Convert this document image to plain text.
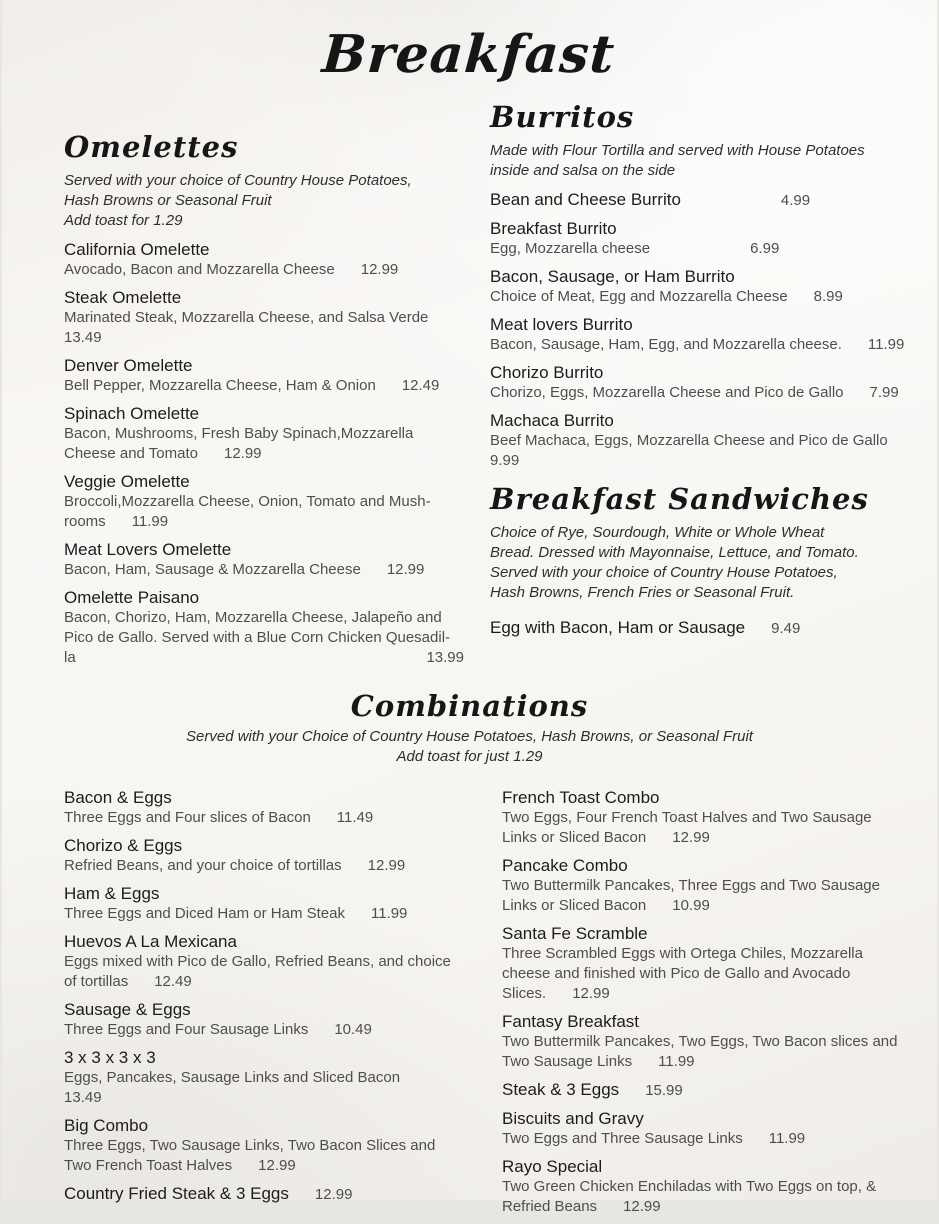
Breakfast
Omelettes
Served with your choice of Country House Potatoes,
Hash Browns or Seasonal Fruit
Add toast for 1.29
California Omelette
Avocado, Bacon and Mozzarella Cheese 12.99
Steak Omelette
Marinated Steak, Mozzarella Cheese, and Salsa Verde
13.49
Denver Omelette
Bell Pepper, Mozzarella Cheese, Ham & Onion 12.49
Spinach Omelette
Bacon, Mushrooms, Fresh Baby Spinach,Mozzarella
Cheese and Tomato 12.99
Veggie Omelette
Broccoli,Mozzarella Cheese, Onion, Tomato and Mush-
rooms 11.99
Meat Lovers Omelette
Bacon, Ham, Sausage & Mozzarella Cheese 12.99
Omelette Paisano
Bacon, Chorizo, Ham, Mozzarella Cheese, Jalapeño and
Pico de Gallo. Served with a Blue Corn Chicken Quesadil-
la	13.99
Burritos
Made with Flour Tortilla and served with House Potatoes
inside and salsa on the side
Bean and Cheese Burrito	4.99
Breakfast Burrito
Egg, Mozzarella cheese	6.99
Bacon, Sausage, or Ham Burrito
Choice of Meat, Egg and Mozzarella Cheese 8.99
Meat lovers Burrito
Bacon, Sausage, Ham, Egg, and Mozzarella cheese. 11.99
Chorizo Burrito
Chorizo, Eggs, Mozzarella Cheese and Pico de Gallo 7.99
Machaca Burrito
Beef Machaca, Eggs, Mozzarella Cheese and Pico de Gallo
9.99
Breakfast Sandwiches
Choice of Rye, Sourdough, White or Whole Wheat
Bread. Dressed with Mayonnaise, Lettuce, and Tomato.
Served with your choice of Country House Potatoes,
Hash Browns, French Fries or Seasonal Fruit.
Egg with Bacon, Ham or Sausage 9.49
Combinations
Served with your Choice of Country House Potatoes, Hash Browns, or Seasonal Fruit
Add toast for just 1.29
Bacon & Eggs
Three Eggs and Four slices of Bacon 11.49
Chorizo & Eggs
Refried Beans, and your choice of tortillas 12.99
Ham & Eggs
Three Eggs and Diced Ham or Ham Steak 11.99
Huevos A La Mexicana
Eggs mixed with Pico de Gallo, Refried Beans, and choice
of tortillas 12.49
Sausage & Eggs
Three Eggs and Four Sausage Links 10.49
3 x 3 x 3 x 3
Eggs, Pancakes, Sausage Links and Sliced Bacon
13.49
Big Combo
Three Eggs, Two Sausage Links, Two Bacon Slices and
Two French Toast Halves 12.99
Country Fried Steak & 3 Eggs 12.99
French Toast Combo
Two Eggs, Four French Toast Halves and Two Sausage
Links or Sliced Bacon 12.99
Pancake Combo
Two Buttermilk Pancakes, Three Eggs and Two Sausage
Links or Sliced Bacon 10.99
Santa Fe Scramble
Three Scrambled Eggs with Ortega Chiles, Mozzarella
cheese and finished with Pico de Gallo and Avocado
Slices. 12.99
Fantasy Breakfast
Two Buttermilk Pancakes, Two Eggs, Two Bacon slices and
Two Sausage Links 11.99
Steak & 3 Eggs 15.99
Biscuits and Gravy
Two Eggs and Three Sausage Links 11.99
Rayo Special
Two Green Chicken Enchiladas with Two Eggs on top, &
Refried Beans 12.99
